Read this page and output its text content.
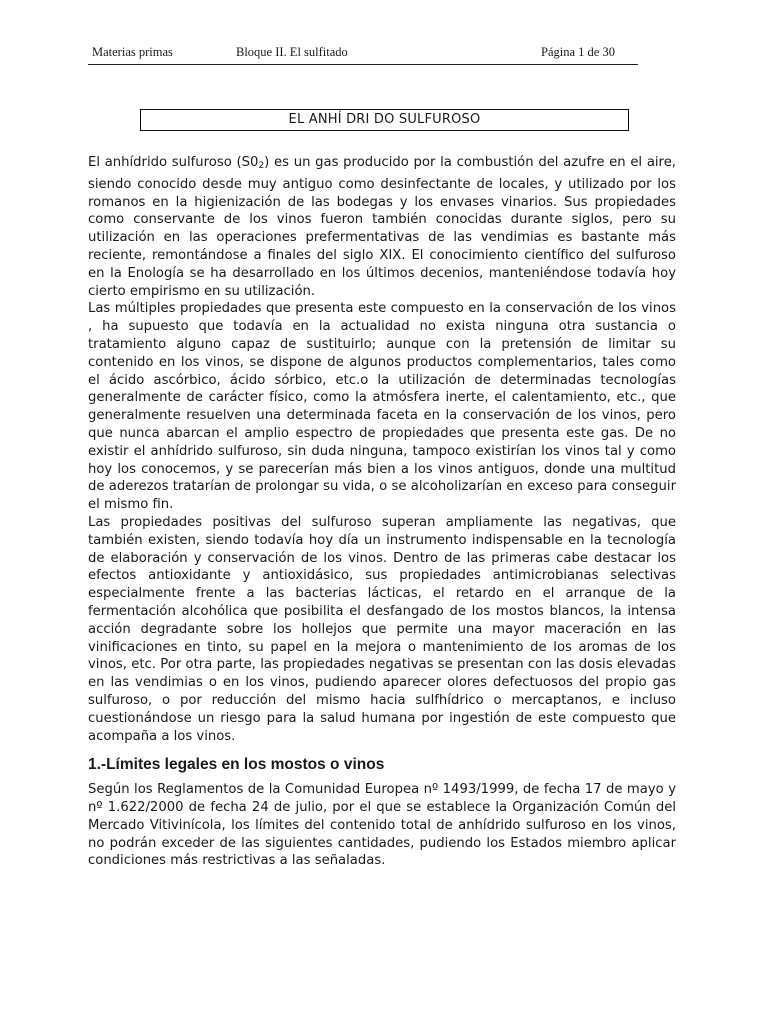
Materias primas	Bloque II. El sulfitado	Página 1 de 30
EL ANHÍ DRI DO SULFUROSO

El anhídrido sulfuroso $(S0_2)$ es un gas producido por la combustión del azufre en el aire, siendo conocido desde muy antiguo como desinfectante de locales, y utilizado por los romanos en la higienización de las bodegas y los envases vinarios. Sus propiedades como conservante de los vinos fueron también conocidas durante siglos, pero su utilización en las operaciones prefermentativas de las vendimias es bastante más reciente, remontándose a finales del siglo XIX. El conocimiento científico del sulfuroso en la Enología se ha desarrollado en los últimos decenios, manteniéndose todavía hoy cierto empirismo en su utilización.

Las múltiples propiedades que presenta este compuesto en la conservación de los vinos , ha supuesto que todavía en la actualidad no exista ninguna otra sustancia o tratamiento alguno capaz de sustituirlo; aunque con la pretensión de limitar su contenido en los vinos, se dispone de algunos productos complementarios, tales como el ácido ascórbico, ácido sórbico, etc.o la utilización de determinadas tecnologías generalmente de carácter físico, como la atmósfera inerte, el calentamiento, etc., que generalmente resuelven una determinada faceta en la conservación de los vinos, pero que nunca abarcan el amplio espectro de propiedades que presenta este gas. De no existir el anhídrido sulfuroso, sin duda ninguna, tampoco existirían los vinos tal y como hoy los conocemos, y se parecerían más bien a los vinos antiguos, donde una multitud de aderezos tratarían de prolongar su vida, o se alcoholizarían en exceso para conseguir el mismo fin.

Las propiedades positivas del sulfuroso superan ampliamente las negativas, que también existen, siendo todavía hoy día un instrumento indispensable en la tecnología de elaboración y conservación de los vinos. Dentro de las primeras cabe destacar los efectos antioxidante y antioxidásico, sus propiedades antimicrobianas selectivas especialmente frente a las bacterias lácticas, el retardo en el arranque de la fermentación alcohólica que posibilita el desfangado de los mostos blancos, la intensa acción degradante sobre los hollejos que permite una mayor maceración en las vinificaciones en tinto, su papel en la mejora o mantenimiento de los aromas de los vinos, etc. Por otra parte, las propiedades negativas se presentan con las dosis elevadas en las vendimias o en los vinos, pudiendo aparecer olores defectuosos del propio gas sulfuroso, o por reducción del mismo hacia sulfhídrico o mercaptanos, e incluso cuestionándose un riesgo para la salud humana por ingestión de este compuesto que acompaña a los vinos.

1.-Límites legales en los mostos o vinos

Según los Reglamentos de la Comunidad Europea nº 1493/1999, de fecha 17 de mayo y nº 1.622/2000 de fecha 24 de julio, por el que se establece la Organización Común del Mercado Vitivinícola, los límites del contenido total de anhídrido sulfuroso en los vinos, no podrán exceder de las siguientes cantidades, pudiendo los Estados miembro aplicar condiciones más restrictivas a las señaladas.
